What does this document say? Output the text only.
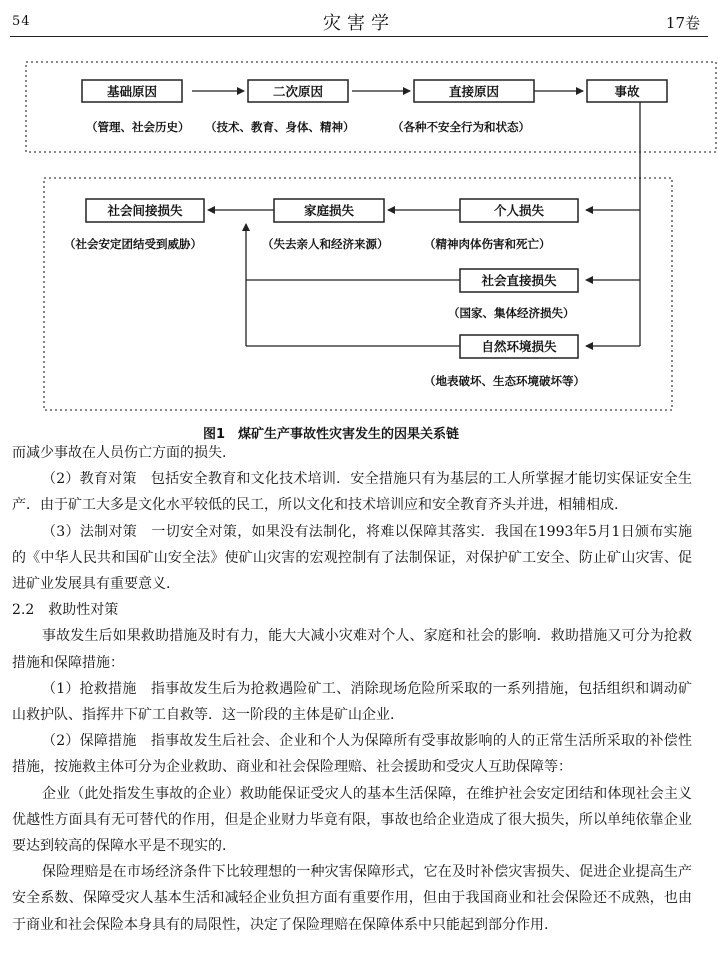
54	灾害学	17卷
基础原因	二次原因	直接原因	事故
（管理、社会历史） （技术、教育、身体、精神）	（各种不安全行为和状态）
社会间接损失	家庭损失	个人损失
社会直接损失
自然环境损失
（社会安定团结受到威胁）	（失去亲人和经济来源）	（精神肉体伤害和死亡）
（国家、集体经济损失）
（地表破坏、生态环境破坏等）
图1　煤矿生产事故性灾害发生的因果关系链

而减少事故在人员伤亡方面的损失.

（2）教育对策　包括安全教育和文化技术培训．安全措施只有为基层的工人所掌握才能切实保证安全生产．由于矿工大多是文化水平较低的民工，所以文化和技术培训应和安全教育齐头并进，相辅相成.

（3）法制对策　一切安全对策，如果没有法制化，将难以保障其落实．我国在1993年5月1日颁布实施的《中华人民共和国矿山安全法》使矿山灾害的宏观控制有了法制保证，对保护矿工安全、防止矿山灾害、促进矿业发展具有重要意义.

2.2　救助性对策

事故发生后如果救助措施及时有力，能大大减小灾难对个人、家庭和社会的影响．救助措施又可分为抢救措施和保障措施：

（1）抢救措施　指事故发生后为抢救遇险矿工、消除现场危险所采取的一系列措施，包括组织和调动矿山救护队、指挥井下矿工自救等．这一阶段的主体是矿山企业.

（2）保障措施　指事故发生后社会、企业和个人为保障所有受事故影响的人的正常生活所采取的补偿性措施，按施救主体可分为企业救助、商业和社会保险理赔、社会援助和受灾人互助保障等：

企业（此处指发生事故的企业）救助能保证受灾人的基本生活保障，在维护社会安定团结和体现社会主义优越性方面具有无可替代的作用，但是企业财力毕竟有限，事故也给企业造成了很大损失，所以单纯依靠企业要达到较高的保障水平是不现实的.

保险理赔是在市场经济条件下比较理想的一种灾害保障形式，它在及时补偿灾害损失、促进企业提高生产安全系数、保障受灾人基本生活和减轻企业负担方面有重要作用，但由于我国商业和社会保险还不成熟，也由于商业和社会保险本身具有的局限性，决定了保险理赔在保障体系中只能起到部分作用.
